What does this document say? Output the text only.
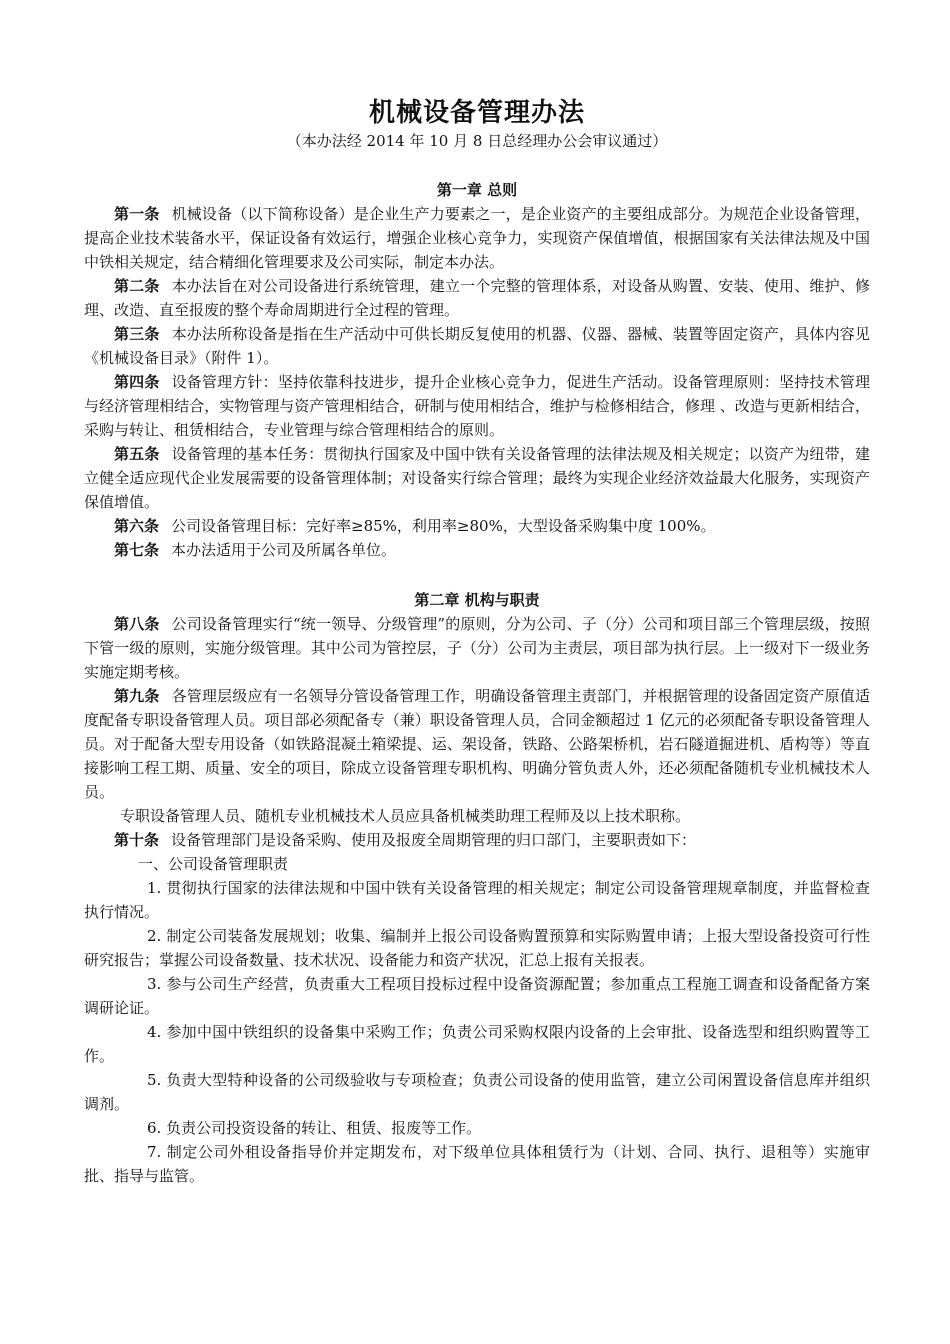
机械设备管理办法

（本办法经 2014 年 10 月 8 日总经理办公会审议通过）

第一章 总则

第一条 机械设备（以下简称设备）是企业生产力要素之一，是企业资产的主要组成部分。为规范企业设备管理，提高企业技术装备水平，保证设备有效运行，增强企业核心竞争力，实现资产保值增值，根据国家有关法律法规及中国中铁相关规定，结合精细化管理要求及公司实际，制定本办法。

第二条 本办法旨在对公司设备进行系统管理，建立一个完整的管理体系，对设备从购置、安装、使用、维护、修理、改造、直至报废的整个寿命周期进行全过程的管理。

第三条 本办法所称设备是指在生产活动中可供长期反复使用的机器、仪器、器械、装置等固定资产，具体内容见《机械设备目录》（附件 1）。

第四条 设备管理方针：坚持依靠科技进步，提升企业核心竞争力，促进生产活动。设备管理原则：坚持技术管理与经济管理相结合，实物管理与资产管理相结合，研制与使用相结合，维护与检修相结合，修理 、改造与更新相结合，采购与转让、租赁相结合，专业管理与综合管理相结合的原则。

第五条 设备管理的基本任务：贯彻执行国家及中国中铁有关设备管理的法律法规及相关规定；以资产为纽带，建立健全适应现代企业发展需要的设备管理体制；对设备实行综合管理；最终为实现企业经济效益最大化服务，实现资产保值增值。

第六条 公司设备管理目标：完好率≥85%，利用率≥80%，大型设备采购集中度 100%。

第七条 本办法适用于公司及所属各单位。

第二章 机构与职责

第八条 公司设备管理实行“统一领导、分级管理”的原则，分为公司、子（分）公司和项目部三个管理层级，按照下管一级的原则，实施分级管理。其中公司为管控层，子（分）公司为主责层，项目部为执行层。上一级对下一级业务实施定期考核。

第九条 各管理层级应有一名领导分管设备管理工作，明确设备管理主责部门，并根据管理的设备固定资产原值适度配备专职设备管理人员。项目部必须配备专（兼）职设备管理人员，合同金额超过 1 亿元的必须配备专职设备管理人员。对于配备大型专用设备（如铁路混凝土箱梁提、运、架设备，铁路、公路架桥机，岩石隧道掘进机、盾构等）等直接影响工程工期、质量、安全的项目，除成立设备管理专职机构、明确分管负责人外，还必须配备随机专业机械技术人员。

专职设备管理人员、随机专业机械技术人员应具备机械类助理工程师及以上技术职称。

第十条 设备管理部门是设备采购、使用及报废全周期管理的归口部门，主要职责如下：

一、公司设备管理职责

1. 贯彻执行国家的法律法规和中国中铁有关设备管理的相关规定；制定公司设备管理规章制度，并监督检查执行情况。

2. 制定公司装备发展规划；收集、编制并上报公司设备购置预算和实际购置申请；上报大型设备投资可行性研究报告；掌握公司设备数量、技术状况、设备能力和资产状况，汇总上报有关报表。

3. 参与公司生产经营，负责重大工程项目投标过程中设备资源配置；参加重点工程施工调查和设备配备方案调研论证。

4. 参加中国中铁组织的设备集中采购工作；负责公司采购权限内设备的上会审批、设备选型和组织购置等工作。

5. 负责大型特种设备的公司级验收与专项检查；负责公司设备的使用监管，建立公司闲置设备信息库并组织调剂。

6. 负责公司投资设备的转让、租赁、报废等工作。

7. 制定公司外租设备指导价并定期发布，对下级单位具体租赁行为（计划、合同、执行、退租等）实施审批、指导与监管。
